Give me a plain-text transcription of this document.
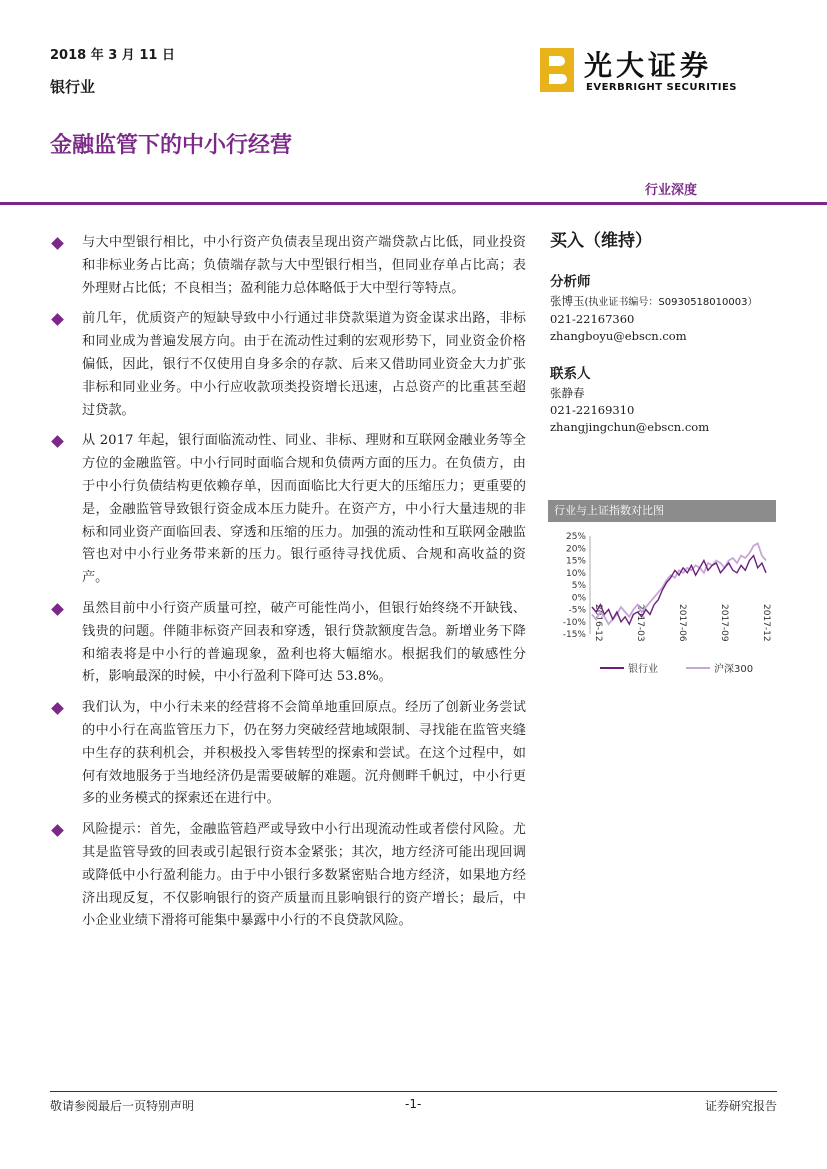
2018 年 3 月 11 日
银行业
光大证券
EVERBRIGHT SECURITIES
金融监管下的中小行经营
行业深度
与大中型银行相比，中小行资产负债表呈现出资产端贷款占比低，同业投资和非标业务占比高；负债端存款与大中型银行相当，但同业存单占比高；表外理财占比低；不良相当；盈利能力总体略低于大中型行等特点。
前几年，优质资产的短缺导致中小行通过非贷款渠道为资金谋求出路，非标和同业成为普遍发展方向。由于在流动性过剩的宏观形势下，同业资金价格偏低，因此，银行不仅使用自身多余的存款、后来又借助同业资金大力扩张非标和同业业务。中小行应收款项类投资增长迅速，占总资产的比重甚至超过贷款。
从 2017 年起，银行面临流动性、同业、非标、理财和互联网金融业务等全方位的金融监管。中小行同时面临合规和负债两方面的压力。在负债方，由于中小行负债结构更依赖存单，因而面临比大行更大的压缩压力；更重要的是，金融监管导致银行资金成本压力陡升。在资产方，中小行大量违规的非标和同业资产面临回表、穿透和压缩的压力。加强的流动性和互联网金融监管也对中小行业务带来新的压力。银行亟待寻找优质、合规和高收益的资产。
虽然目前中小行资产质量可控，破产可能性尚小，但银行始终绕不开缺钱、钱贵的问题。伴随非标资产回表和穿透，银行贷款额度告急。新增业务下降和缩表将是中小行的普遍现象，盈利也将大幅缩水。根据我们的敏感性分析，影响最深的时候，中小行盈利下降可达 53.8%。
我们认为，中小行未来的经营将不会简单地重回原点。经历了创新业务尝试的中小行在高监管压力下，仍在努力突破经营地域限制、寻找能在监管夹缝中生存的获利机会，并积极投入零售转型的探索和尝试。在这个过程中，如何有效地服务于当地经济仍是需要破解的难题。沉舟侧畔千帆过，中小行更多的业务模式的探索还在进行中。
风险提示：首先，金融监管趋严或导致中小行出现流动性或者偿付风险。尤其是监管导致的回表或引起银行资本金紧张；其次，地方经济可能出现回调或降低中小行盈利能力。由于中小银行多数紧密贴合地方经济，如果地方经济出现反复，不仅影响银行的资产质量而且影响银行的资产增长；最后，中小企业业绩下滑将可能集中暴露中小行的不良贷款风险。
买入（维持）
分析师
张博玉(执业证书编号：S0930518010003）
021-22167360
zhangboyu@ebscn.com
联系人
张静春
021-22169310
zhangjingchun@ebscn.com
行业与上证指数对比图
25%
20%
15%
10%
5%
0%
-5%
-10%
-15% 2016-12	2017-03	2017-06	2017-09	2017-12
银行业	沪深300
敬请参阅最后一页特别声明	-1-	证券研究报告
